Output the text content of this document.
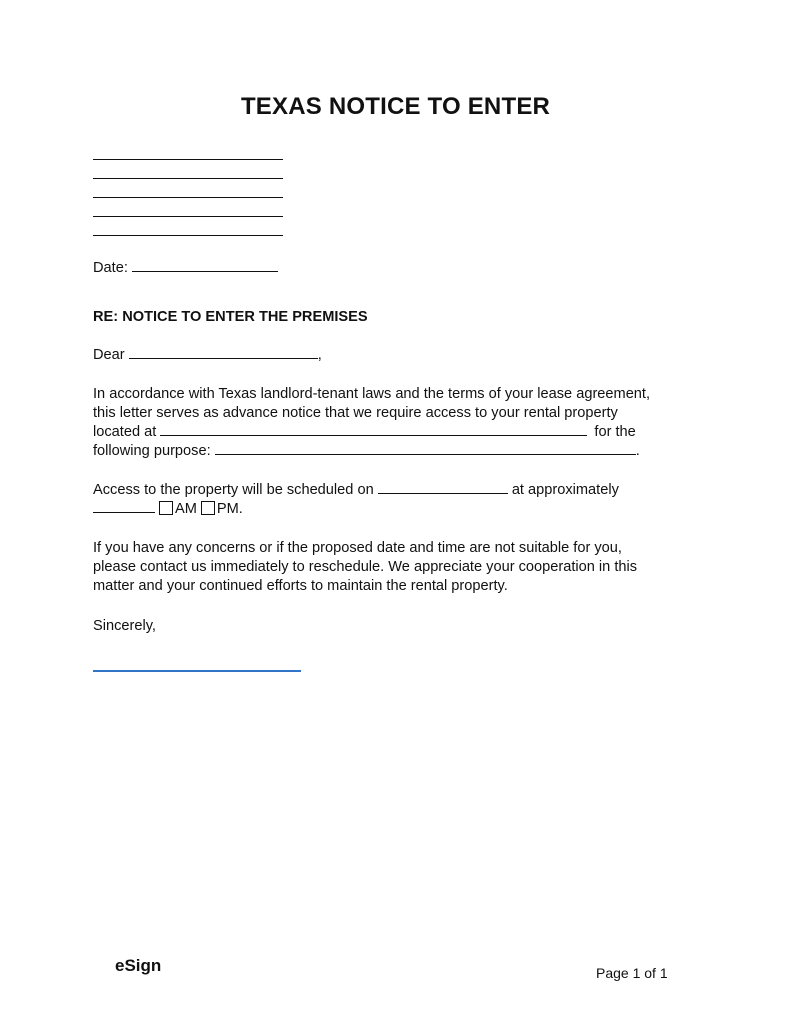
TEXAS NOTICE TO ENTER
Date:
RE: NOTICE TO ENTER THE PREMISES
Dear	,
In accordance with Texas landlord-tenant laws and the terms of your lease agreement,
this letter serves as advance notice that we require access to your rental property
located at	for the
following purpose:	.
Access to the property will be scheduled on	at approximately
AM PM.
If you have any concerns or if the proposed date and time are not suitable for you,
please contact us immediately to reschedule. We appreciate your cooperation in this
matter and your continued efforts to maintain the rental property.
Sincerely,
eSign	Page 1 of 1
